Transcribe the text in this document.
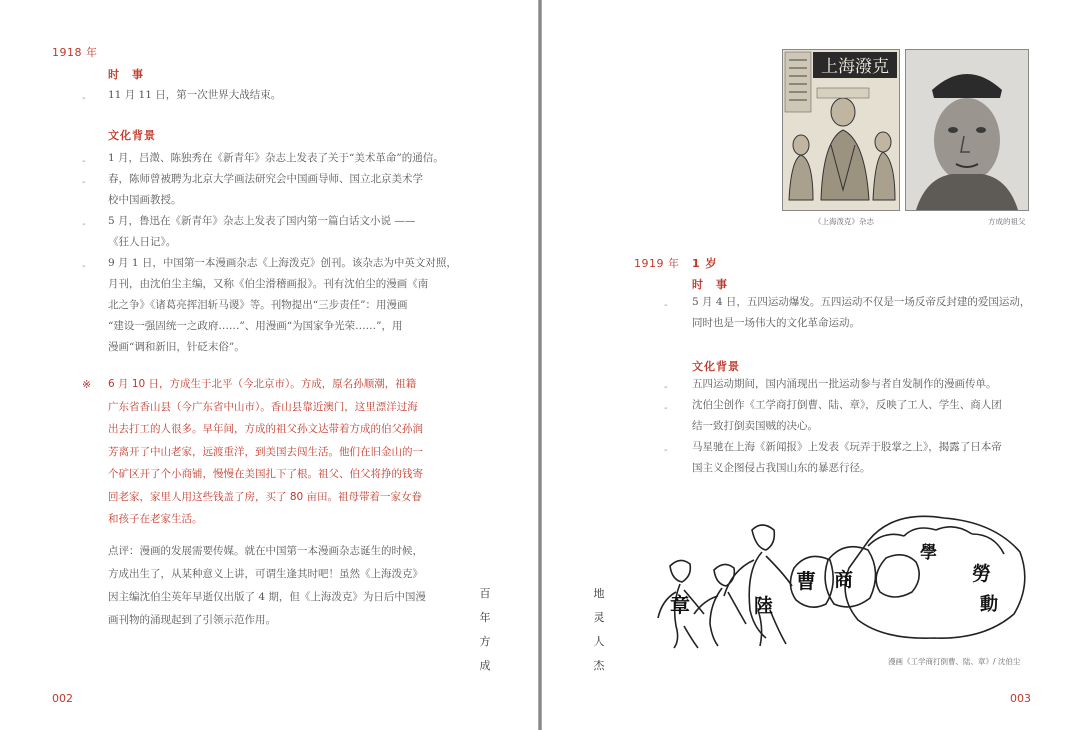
1918 年
时　事
- 11 月 11 日，第一次世界大战结束。
文化背景
- 1 月，吕澂、陈独秀在《新青年》杂志上发表了关于“美术革命”的通信。
- 春，陈师曾被聘为北京大学画法研究会中国画导师、国立北京美术学
校中国画教授。
- 5 月，鲁迅在《新青年》杂志上发表了国内第一篇白话文小说 ——
《狂人日记》。
- 9 月 1 日，中国第一本漫画杂志《上海泼克》创刊。该杂志为中英文对照，
月刊，由沈伯尘主编，又称《伯尘滑稽画报》。刊有沈伯尘的漫画《南
北之争》《诸葛亮挥泪斩马谡》等。刊物提出“三步责任”：用漫画
“建设一强固统一之政府……”、用漫画“为国家争光荣……”，用
漫画“调和新旧，针砭末俗”。
※ 6 月 10 日，方成生于北平（今北京市）。方成，原名孙顺潮，祖籍
广东省香山县（今广东省中山市）。香山县靠近澳门，这里漂洋过海
出去打工的人很多。早年间，方成的祖父孙文达带着方成的伯父孙润
芳离开了中山老家，远渡重洋，到美国去闯生活。他们在旧金山的一
个矿区开了个小商铺，慢慢在美国扎下了根。祖父、伯父将挣的钱寄
回老家，家里人用这些钱盖了房，买了 80 亩田。祖母带着一家女眷
和孩子在老家生活。
点评：漫画的发展需要传媒。就在中国第一本漫画杂志诞生的时候，
方成出生了，从某种意义上讲，可谓生逢其时吧！虽然《上海泼克》
因主编沈伯尘英年早逝仅出版了 4 期，但《上海泼克》为日后中国漫
画刊物的涌现起到了引领示范作用。
百
年
方
成
002
上海潑克
《上海泼克》杂志	方成的祖父
1919 年 1 岁
时　事
- 5 月 4 日，五四运动爆发。五四运动不仅是一场反帝反封建的爱国运动，
同时也是一场伟大的文化革命运动。
文化背景
- 五四运动期间，国内涌现出一批运动参与者自发制作的漫画传单。
- 沈伯尘创作《工学商打倒曹、陆、章》，反映了工人、学生、商人团
结一致打倒卖国贼的决心。
- 马星驰在上海《新闻报》上发表《玩弄于股掌之上》，揭露了日本帝
国主义企图侵占我国山东的暴恶行径。
章	陸
曹 商
學
勞
動
漫画《工学商打倒曹、陆、章》/ 沈伯尘
地
灵
人
杰
003
